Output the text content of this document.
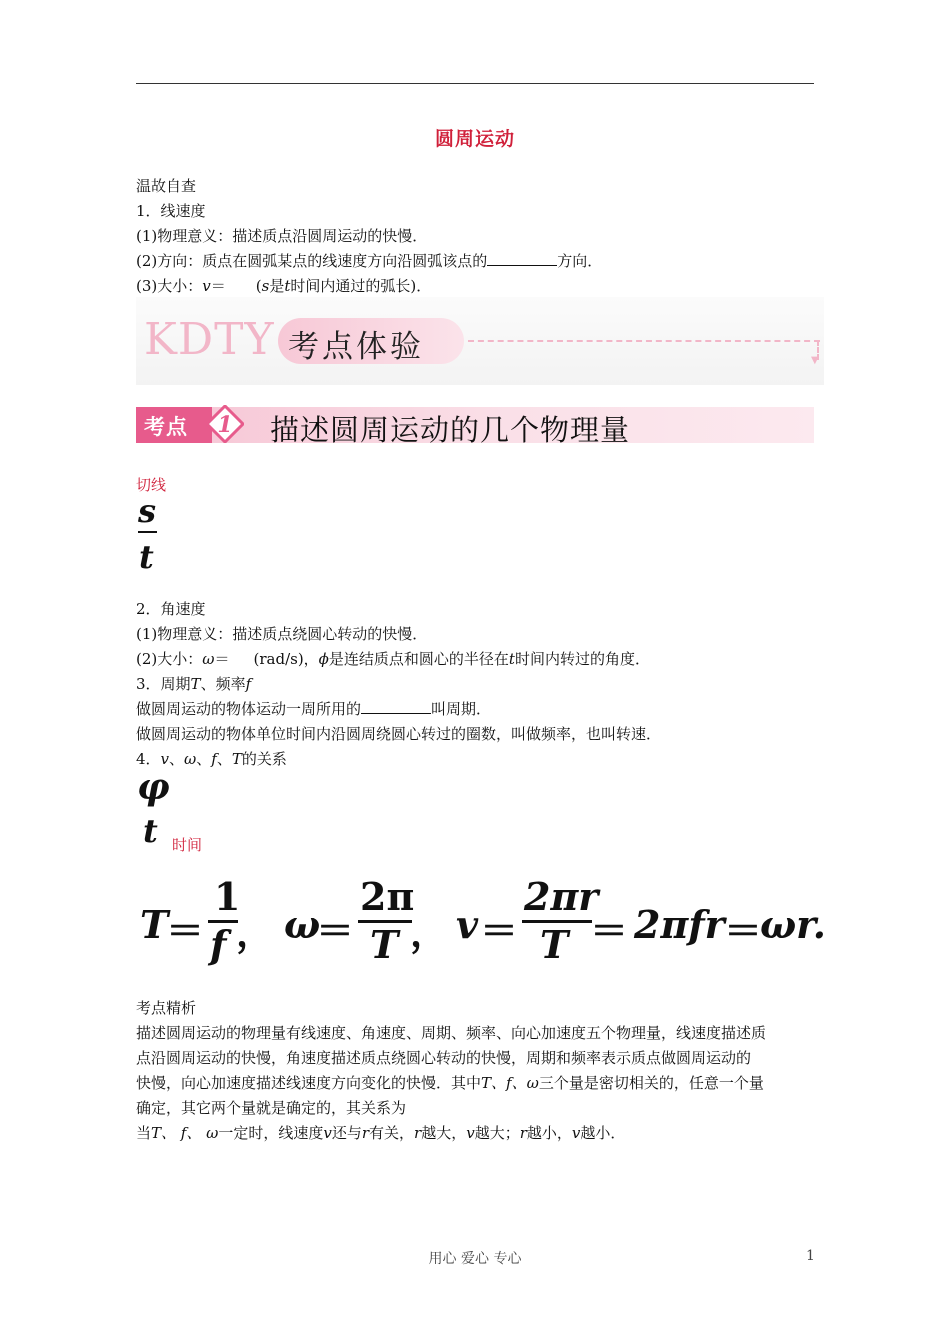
圆周运动
温故自查
1．线速度
(1)物理意义：描述质点沿圆周运动的快慢．
(2)方向：质点在圆弧某点的线速度方向沿圆弧该点的	方向．
(3)大小：v＝ (s是t时间内通过的弧长)．
KDTY 考点体验	▼
考点 1 描述圆周运动的几个物理量
切线
s
t
2．角速度
(1)物理意义：描述质点绕圆心转动的快慢．
(2)大小：ω＝ (rad/s)，ϕ是连结质点和圆心的半径在t时间内转过的角度．
3．周期T、频率f
做圆周运动的物体运动一周所用的	叫周期．
做圆周运动的物体单位时间内沿圆周绕圆心转过的圈数，叫做频率，也叫转速．
4．v、ω、f、T的关系
φ
t 时间
T
＝
1
f ， ω
＝
2π
T ， v ＝
2πr
T ＝ 2πfr ＝
ωr.
考点精析
描述圆周运动的物理量有线速度、角速度、周期、频率、向心加速度五个物理量，线速度描述质
点沿圆周运动的快慢，角速度描述质点绕圆心转动的快慢，周期和频率表示质点做圆周运动的
快慢，向心加速度描述线速度方向变化的快慢．其中T、f、ω三个量是密切相关的，任意一个量
确定，其它两个量就是确定的，其关系为
当T、 f、 ω一定时，线速度v还与r有关，r越大，v越大；r越小，v越小．
用心 爱心 专心	1
